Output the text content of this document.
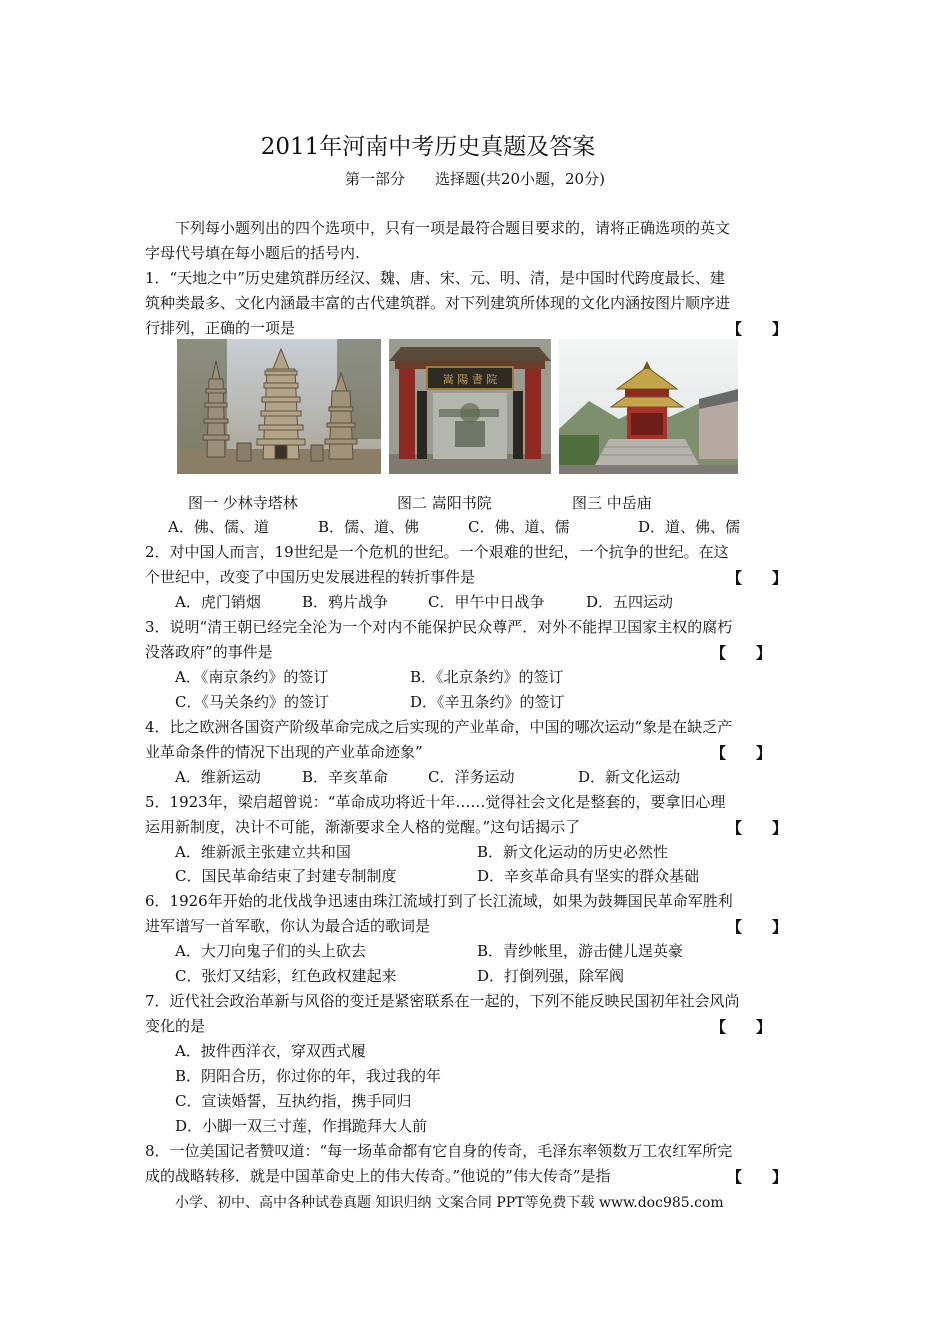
2011年河南中考历史真题及答案
第一部分　　选择题(共20小题，20分)
下列每小题列出的四个选项中，只有一项是最符合题目要求的，请将正确选项的英文
字母代号填在每小题后的括号内.
1．“天地之中”历史建筑群历经汉、魏、唐、宋、元、明、清，是中国时代跨度最长、建
筑种类最多、文化内涵最丰富的古代建筑群。对下列建筑所体现的文化内涵按图片顺序进
行排列，正确的一项是	【　　】
嵩 陽 書 院
图一 少林寺塔林	图二 嵩阳书院	图三 中岳庙
A．佛、儒、道	B．儒、道、佛	C．佛、道、儒	D．道、佛、儒
2．对中国人而言，19世纪是一个危机的世纪。一个艰难的世纪，一个抗争的世纪。在这
个世纪中，改变了中国历史发展进程的转折事件是	【　　】
A．虎门销烟	B．鸦片战争	C．甲午中日战争	D．五四运动
3．说明“清王朝已经完全沦为一个对内不能保护民众尊严．对外不能捍卫国家主权的腐朽
没落政府”的事件是	【　　】
A．《南京条约》的签订	B．《北京条约》的签订
C．《马关条约》的签订	D．《辛丑条约》的签订
4．比之欧洲各国资产阶级革命完成之后实现的产业革命，中国的哪次运动“象是在缺乏产
业革命条件的情况下出现的产业革命迹象”	【　　】
A．维新运动	B．辛亥革命	C．洋务运动	D．新文化运动
5．1923年，梁启超曾说：“革命成功将近十年……觉得社会文化是整套的，要拿旧心理
运用新制度，决计不可能，渐渐要求全人格的觉醒。”这句话揭示了	【　　】
A．维新派主张建立共和国	B．新文化运动的历史必然性
C．国民革命结束了封建专制制度	D．辛亥革命具有坚实的群众基础
6．1926年开始的北伐战争迅速由珠江流域打到了长江流域，如果为鼓舞国民革命军胜利
进军谱写一首军歌，你认为最合适的歌词是	【　　】
A．大刀向鬼子们的头上砍去	B．青纱帐里，游击健儿逞英豪
C．张灯又结彩，红色政权建起来	D．打倒列强，除军阀
7．近代社会政治革新与风俗的变迁是紧密联系在一起的，下列不能反映民国初年社会风尚
变化的是	【　　】
A．披件西洋衣，穿双西式履
B．阴阳合历，你过你的年，我过我的年
C．宣读婚誓，互执约指，携手同归
D．小脚一双三寸莲，作揖跪拜大人前
8．一位美国记者赞叹道：“每一场革命都有它自身的传奇，毛泽东率领数万工农红军所完
成的战略转移．就是中国革命史上的伟大传奇。”他说的”伟大传奇”是指	【　　】
小学、初中、高中各种试卷真题 知识归纳 文案合同 PPT等免费下载 www.doc985.com
